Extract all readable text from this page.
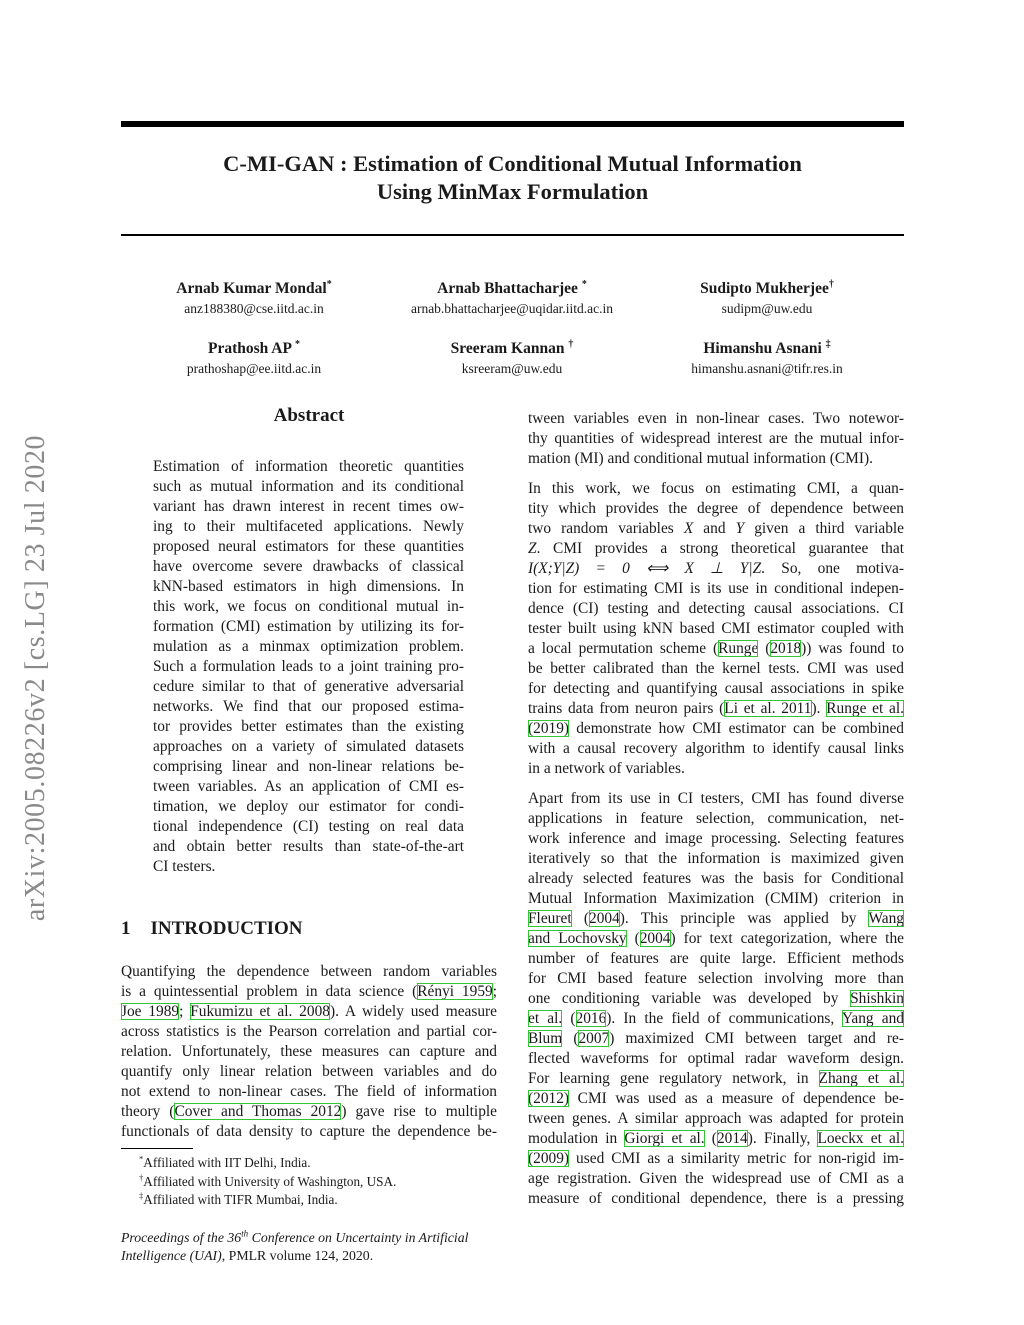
C-MI-GAN : Estimation of Conditional Mutual Information
Using MinMax Formulation
arXiv:2005.08226v2 [cs.LG] 23 Jul 2020
Arnab Kumar Mondal*
anz188380@cse.iitd.ac.in
Arnab Bhattacharjee *
arnab.bhattacharjee@uqidar.iitd.ac.in
Sudipto Mukherjee†
sudipm@uw.edu
Prathosh AP *
prathoshap@ee.iitd.ac.in
Sreeram Kannan †
ksreeram@uw.edu
Himanshu Asnani ‡
himanshu.asnani@tifr.res.in
Abstract
Estimation of information theoretic quantities
such as mutual information and its conditional
variant has drawn interest in recent times ow-
ing to their multifaceted applications. Newly
proposed neural estimators for these quantities
have overcome severe drawbacks of classical
kNN-based estimators in high dimensions. In
this work, we focus on conditional mutual in-
formation (CMI) estimation by utilizing its for-
mulation as a minmax optimization problem.
Such a formulation leads to a joint training pro-
cedure similar to that of generative adversarial
networks. We find that our proposed estima-
tor provides better estimates than the existing
approaches on a variety of simulated datasets
comprising linear and non-linear relations be-
tween variables. As an application of CMI es-
timation, we deploy our estimator for condi-
tional independence (CI) testing on real data
and obtain better results than state-of-the-art
CI testers.
1 INTRODUCTION
Quantifying the dependence between random variables
is a quintessential problem in data science (Rényi 1959;
Joe 1989; Fukumizu et al. 2008). A widely used measure
across statistics is the Pearson correlation and partial cor-
relation. Unfortunately, these measures can capture and
quantify only linear relation between variables and do
not extend to non-linear cases. The field of information
theory (Cover and Thomas 2012) gave rise to multiple
functionals of data density to capture the dependence be-
*Affiliated with IIT Delhi, India.
†Affiliated with University of Washington, USA.
‡Affiliated with TIFR Mumbai, India.
Proceedings of the 36th Conference on Uncertainty in Artificial
Intelligence (UAI), PMLR volume 124, 2020.
tween variables even in non-linear cases. Two notewor-
thy quantities of widespread interest are the mutual infor-
mation (MI) and conditional mutual information (CMI).
In this work, we focus on estimating CMI, a quan-
tity which provides the degree of dependence between
two random variables X and Y given a third variable
Z. CMI provides a strong theoretical guarantee that
I(X;Y|Z) = 0 ⟺ X ⊥ Y|Z. So, one motiva-
tion for estimating CMI is its use in conditional indepen-
dence (CI) testing and detecting causal associations. CI
tester built using kNN based CMI estimator coupled with
a local permutation scheme (Runge (2018)) was found to
be better calibrated than the kernel tests. CMI was used
for detecting and quantifying causal associations in spike
trains data from neuron pairs (Li et al. 2011). Runge et al.
(2019) demonstrate how CMI estimator can be combined
with a causal recovery algorithm to identify causal links
in a network of variables.
Apart from its use in CI testers, CMI has found diverse
applications in feature selection, communication, net-
work inference and image processing. Selecting features
iteratively so that the information is maximized given
already selected features was the basis for Conditional
Mutual Information Maximization (CMIM) criterion in
Fleuret (2004). This principle was applied by Wang
and Lochovsky (2004) for text categorization, where the
number of features are quite large. Efficient methods
for CMI based feature selection involving more than
one conditioning variable was developed by Shishkin
et al. (2016). In the field of communications, Yang and
Blum (2007) maximized CMI between target and re-
flected waveforms for optimal radar waveform design.
For learning gene regulatory network, in Zhang et al.
(2012) CMI was used as a measure of dependence be-
tween genes. A similar approach was adapted for protein
modulation in Giorgi et al. (2014). Finally, Loeckx et al.
(2009) used CMI as a similarity metric for non-rigid im-
age registration. Given the widespread use of CMI as a
measure of conditional dependence, there is a pressing
